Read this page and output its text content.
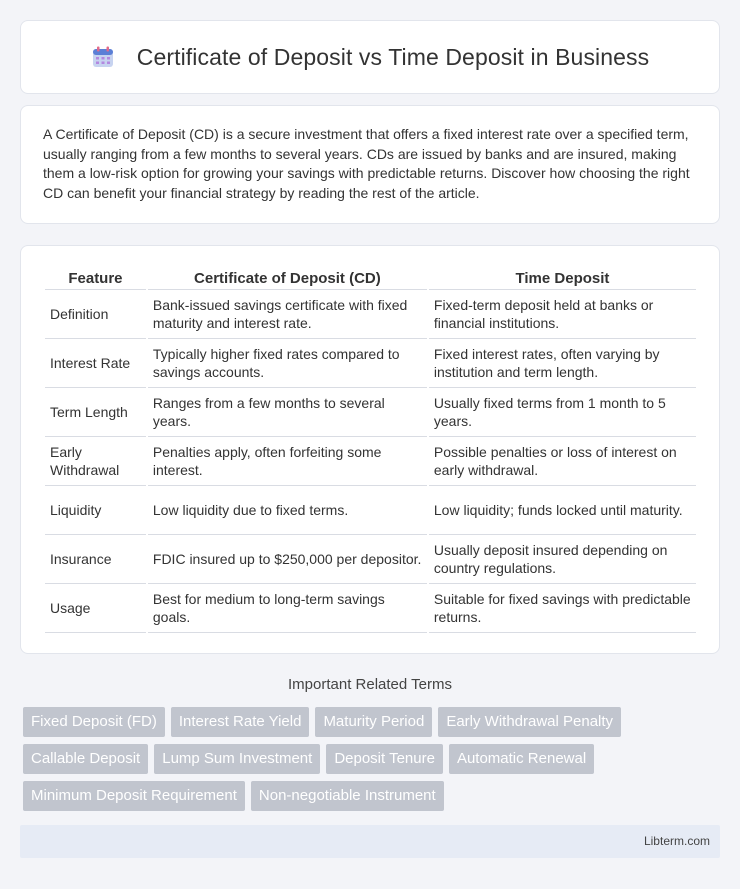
Certificate of Deposit vs Time Deposit in Business

A Certificate of Deposit (CD) is a secure investment that offers a fixed interest rate over a specified term, usually ranging from a few months to several years. CDs are issued by banks and are insured, making them a low-risk option for growing your savings with predictable returns. Discover how choosing the right CD can benefit your financial strategy by reading the rest of the article.

Feature	Certificate of Deposit (CD)	Time Deposit
Definition	Bank-issued savings certificate with fixed maturity and interest rate.	Fixed-term deposit held at banks or financial institutions.
Interest Rate	Typically higher fixed rates compared to savings accounts.	Fixed interest rates, often varying by institution and term length.
Term Length	Ranges from a few months to several years.	Usually fixed terms from 1 month to 5 years.
Early Withdrawal	Penalties apply, often forfeiting some interest.	Possible penalties or loss of interest on early withdrawal.
Liquidity	Low liquidity due to fixed terms.	Low liquidity; funds locked until maturity.
Insurance	FDIC insured up to $250,000 per depositor.	Usually deposit insured depending on country regulations.
Usage	Best for medium to long-term savings goals.	Suitable for fixed savings with predictable returns.
Important Related Terms
Fixed Deposit (FD)	Interest Rate Yield	Maturity Period	Early Withdrawal Penalty
Callable Deposit	Lump Sum Investment	Deposit Tenure	Automatic Renewal
Minimum Deposit Requirement	Non-negotiable Instrument
Libterm.com
